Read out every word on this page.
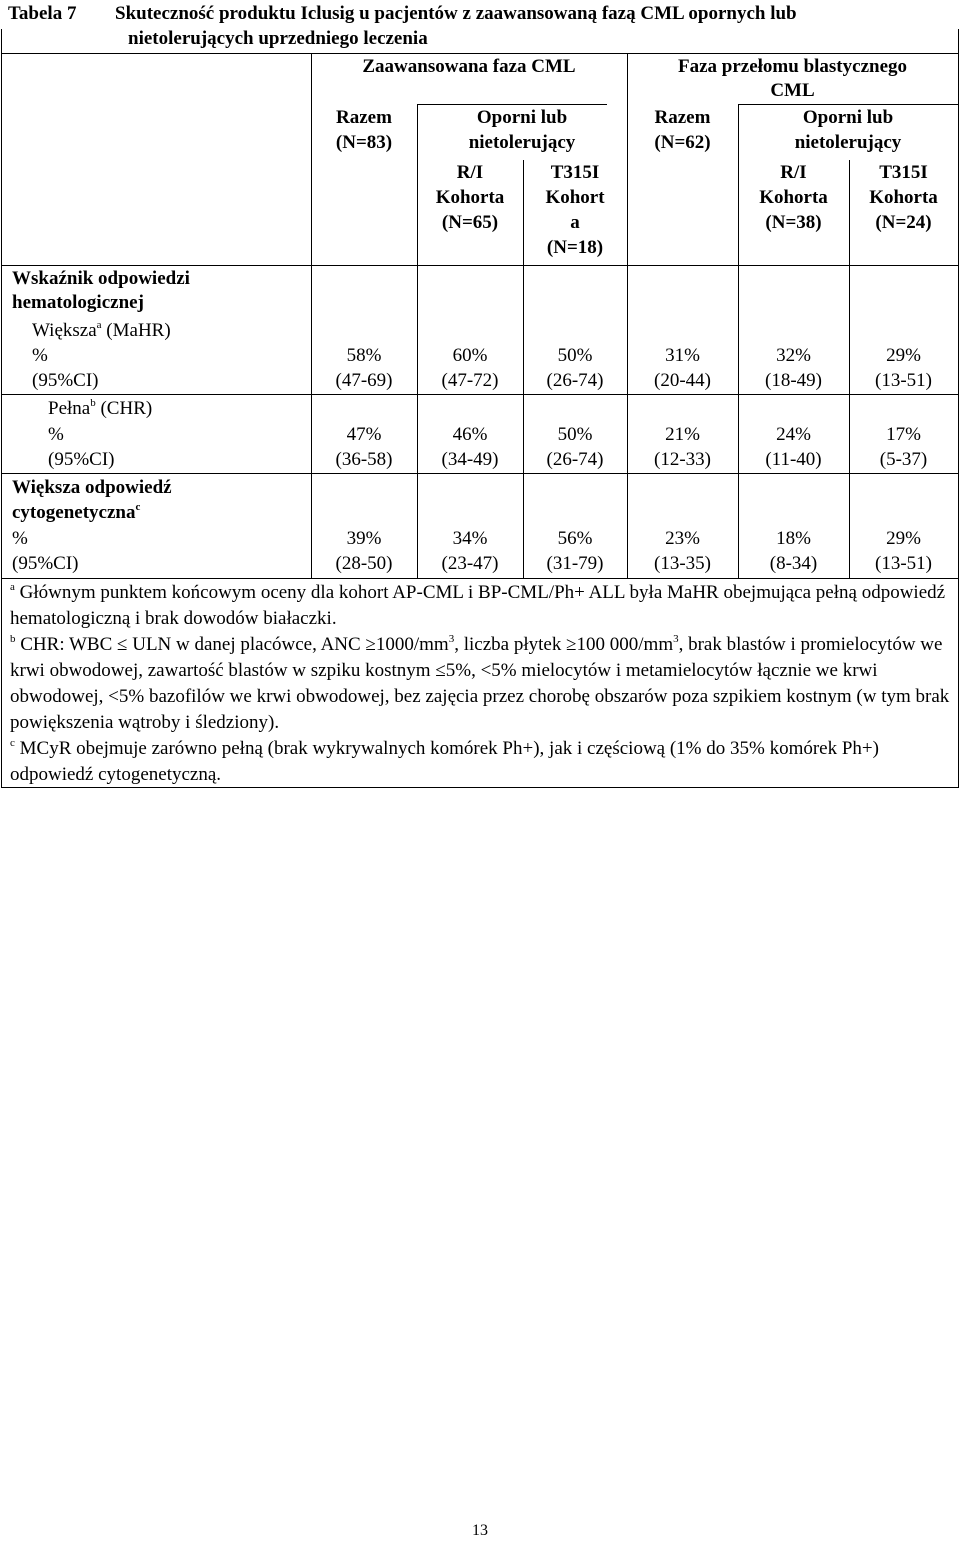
Tabela 7 Skuteczność produktu Iclusig u pacjentów z zaawansowaną fazą CML opornych lub
nietolerujących uprzedniego leczenia
Zaawansowana faza CML	Faza przełomu blastycznego
CML
Razem
(N=83)
Oporni lub
nietolerujący
R/I
Kohorta
(N=65)
T315I
Kohort
a
(N=18)
Razem
(N=62)
Oporni lub
nietolerujący
R/I
Kohorta
(N=38)
T315I
Kohorta
(N=24)
Wskaźnik odpowiedzi
hematologicznej
Większa$^a$ (MaHR)
%
(95%CI)
58%
(47-69)
60%
(47-72)
50%
(26-74)
31%
(20-44)
32%
(18-49)
29%
(13-51)
Pełna$^b$ (CHR)
%
(95%CI)
47%
(36-58)
46%
(34-49)
50%
(26-74)
21%
(12-33)
24%
(11-40)
17%
(5-37)
Większa odpowiedź
cytogenetyczna$^c$
%
(95%CI)
39%
(28-50)
34%
(23-47)
56%
(31-79)
23%
(13-35)
18%
(8-34)
29%
(13-51)
$^a$ Głównym punktem końcowym oceny dla kohort AP-CML i BP-CML/Ph+ ALL była MaHR obejmująca pełną odpowiedź hematologiczną i brak dowodów białaczki.
$^b$ CHR: WBC ≤ ULN w danej placówce, ANC $\ge 1000/mm^3$, liczba płytek ≥100 $000/mm^3$, brak blastów i promielocytów we krwi obwodowej, zawartość blastów w szpiku kostnym ≤5%, <5% mielocytów i metamielocytów łącznie we krwi obwodowej, <5% bazofilów we krwi obwodowej, bez zajęcia przez chorobę obszarów poza szpikiem kostnym (w tym brak powiększenia wątroby i śledziony).
$^c$ MCyR obejmuje zarówno pełną (brak wykrywalnych komórek Ph+), jak i częściową (1% do 35% komórek Ph+) odpowiedź cytogenetyczną.
13
